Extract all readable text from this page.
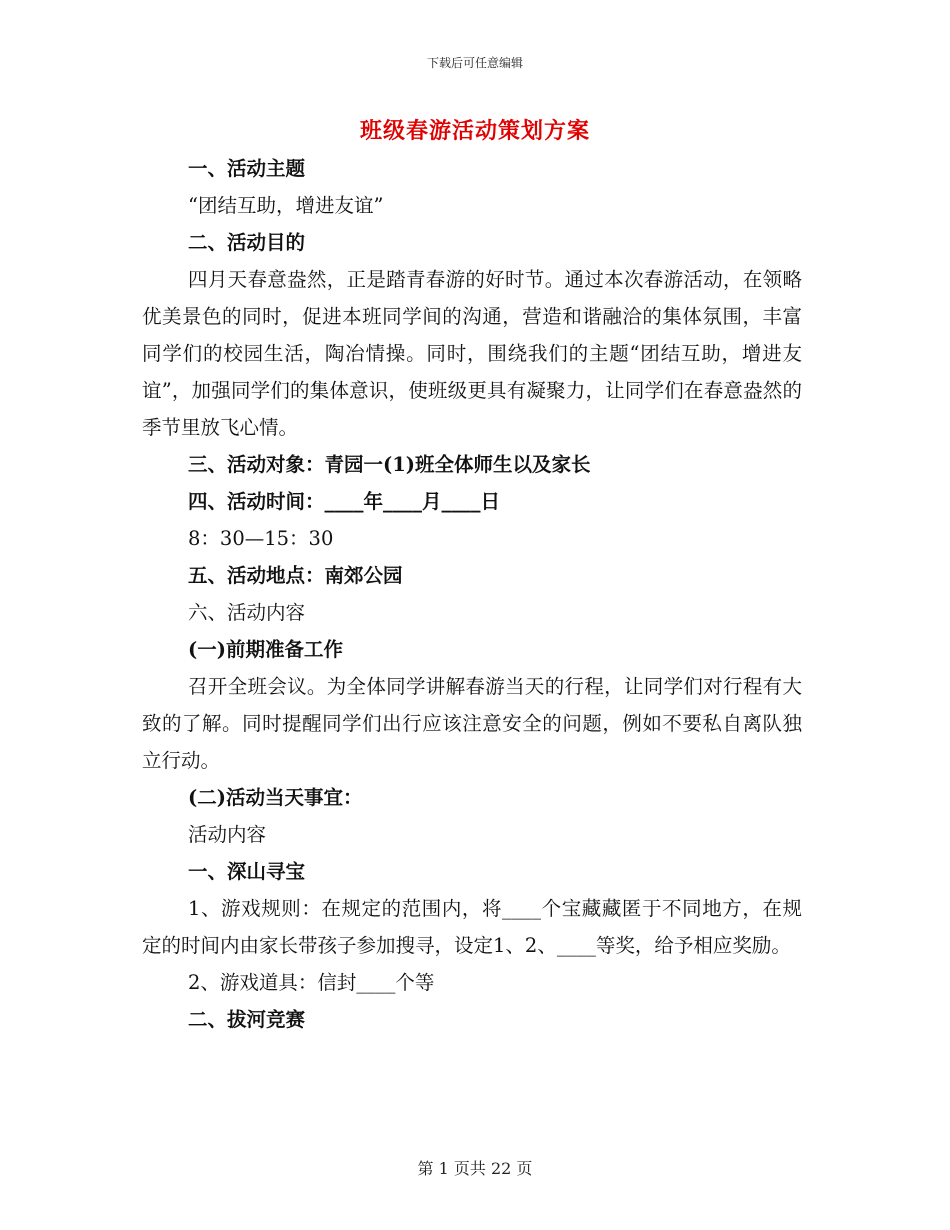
下载后可任意编辑
班级春游活动策划方案
一、活动主题
“团结互助，增进友谊”
二、活动目的

四月天春意盎然，正是踏青春游的好时节。通过本次春游活动，在领略优美景色的同时，促进本班同学间的沟通，营造和谐融洽的集体氛围，丰富同学们的校园生活，陶冶情操。同时，围绕我们的主题“团结互助，增进友谊”，加强同学们的集体意识，使班级更具有凝聚力，让同学们在春意盎然的季节里放飞心情。

三、活动对象：青园一(1)班全体师生以及家长
四、活动时间：____年____月____日
8：30—15：30
五、活动地点：南郊公园
六、活动内容
(一)前期准备工作

召开全班会议。为全体同学讲解春游当天的行程，让同学们对行程有大致的了解。同时提醒同学们出行应该注意安全的问题，例如不要私自离队独立行动。

(二)活动当天事宜：
活动内容
一、深山寻宝

1、游戏规则：在规定的范围内，将____个宝藏藏匿于不同地方，在规定的时间内由家长带孩子参加搜寻，设定1、2、____等奖，给予相应奖励。

2、游戏道具：信封____个等
二、拔河竞赛
第 1 页共 22 页
